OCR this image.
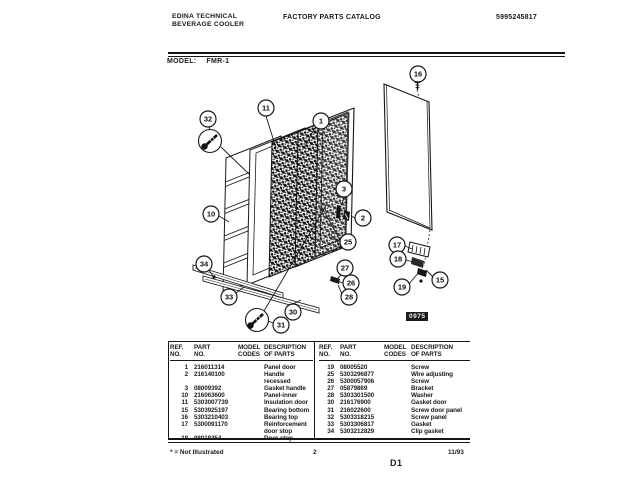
EDINA TECHNICAL
BEVERAGE COOLER
FACTORY PARTS CATALOG	5995245817
MODEL: FMR-1
1
2
3
10
11
15
16
17
18
19
25
26
27
28
30
31
32
33
34
0975
REF.
NO.
PART
NO.
MODEL
CODES
DESCRIPTION
OF PARTS
1 216011314	Panel door
2 216140100	Handle recessed
3 08009392	Gasket handle
10 216063600	Panel-inner
11 5303007739	Insulation door
15 5303925197	Bearing bottom
16 5303210403	Bearing top
17 5300091170	Reinforcement door stop
18 08018354	Door stop
REF.
NO.
PART
NO.
MODEL
CODES
DESCRIPTION
OF PARTS
19 08005520	Screw
25 5303296877	Wire adjusting
26 5300057906	Screw
27 05879869	Bracket
28 5303301500	Washer
30 216176900	Gasket door
31 216022600	Screw door panel
32 5303318215	Screw panel
33 5303306817	Gasket
34 5303212829	Clip gasket
* = Not Illustrated	2	11/93
D1
